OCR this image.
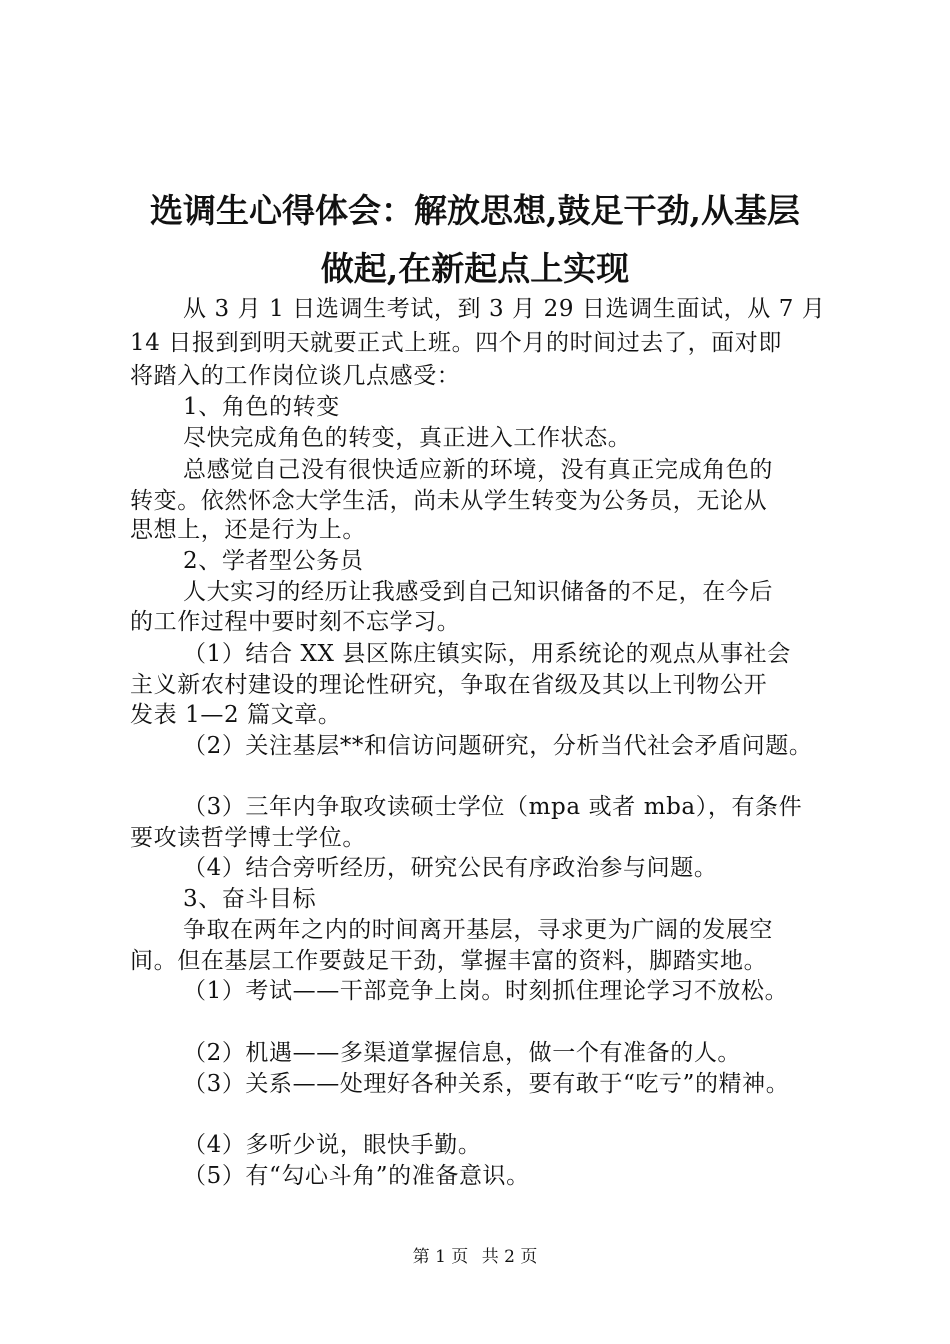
选调生心得体会：解放思想,鼓足干劲,从基层
做起,在新起点上实现
从 3 月 1 日选调生考试，到 3 月 29 日选调生面试，从 7 月
14 日报到到明天就要正式上班。四个月的时间过去了，面对即
将踏入的工作岗位谈几点感受：
1、角色的转变
尽快完成角色的转变，真正进入工作状态。
总感觉自己没有很快适应新的环境，没有真正完成角色的
转变。依然怀念大学生活，尚未从学生转变为公务员，无论从
思想上，还是行为上。
2、学者型公务员
人大实习的经历让我感受到自己知识储备的不足，在今后
的工作过程中要时刻不忘学习。
（1）结合 XX 县区陈庄镇实际，用系统论的观点从事社会
主义新农村建设的理论性研究，争取在省级及其以上刊物公开
发表 1—2 篇文章。
（2）关注基层**和信访问题研究，分析当代社会矛盾问题。
（3）三年内争取攻读硕士学位（mpa 或者 mba），有条件
要攻读哲学博士学位。
（4）结合旁听经历，研究公民有序政治参与问题。
3、奋斗目标
争取在两年之内的时间离开基层，寻求更为广阔的发展空
间。但在基层工作要鼓足干劲，掌握丰富的资料，脚踏实地。
（1）考试——干部竞争上岗。时刻抓住理论学习不放松。
（2）机遇——多渠道掌握信息，做一个有准备的人。
（3）关系——处理好各种关系，要有敢于“吃亏”的精神。
（4）多听少说，眼快手勤。
（5）有“勾心斗角”的准备意识。
第 1 页 共 2 页
